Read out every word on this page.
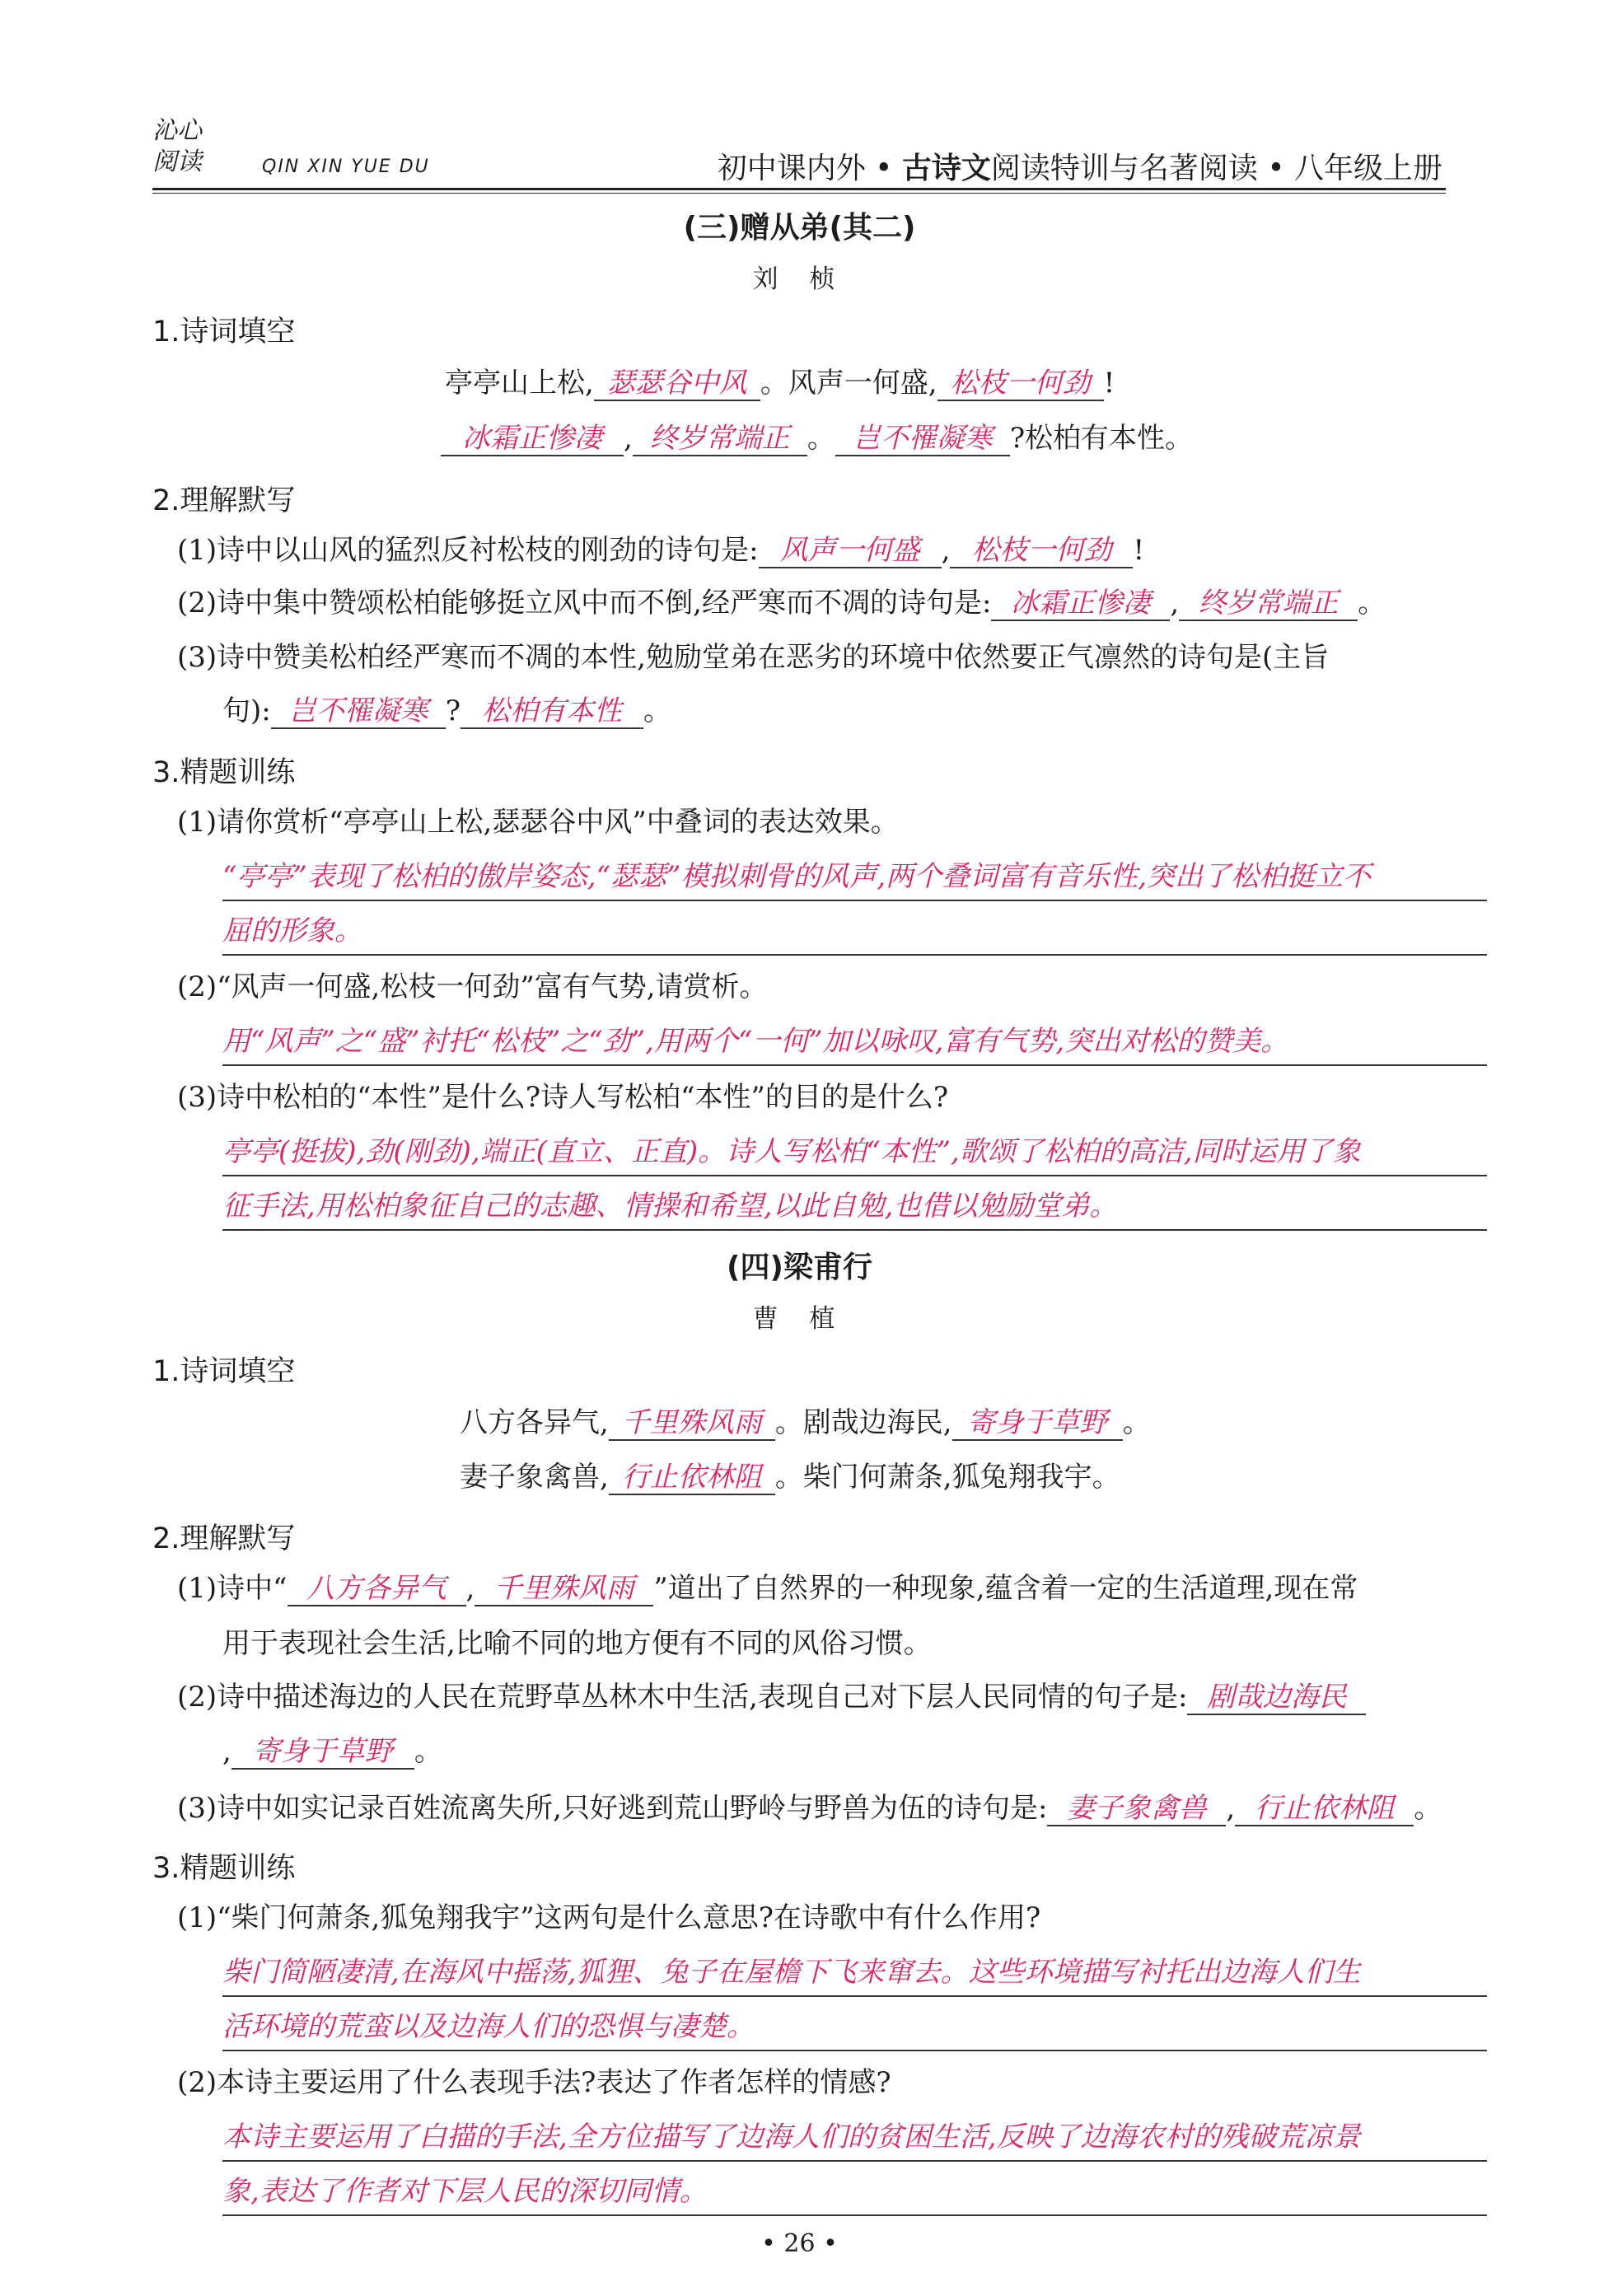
沁心
阅读	QIN XIN YUE DU	初中课内外 • 古诗文阅读特训与名著阅读 • 八年级上册
(三)赠从弟(其二)
刘 桢
1.诗词填空
亭亭山上松, 瑟瑟谷中风 。风声一何盛, 松枝一何劲 !
冰霜正惨凄 , 终岁常端正 。 岂不罹凝寒 ?松柏有本性。
2.理解默写
(1)诗中以山风的猛烈反衬松枝的刚劲的诗句是: 风声一何盛 , 松枝一何劲 !
(2)诗中集中赞颂松柏能够挺立风中而不倒,经严寒而不凋的诗句是: 冰霜正惨凄 , 终岁常端正 。
(3)诗中赞美松柏经严寒而不凋的本性,勉励堂弟在恶劣的环境中依然要正气凛然的诗句是(主旨
句): 岂不罹凝寒 ? 松柏有本性 。
3.精题训练
(1)请你赏析“亭亭山上松,瑟瑟谷中风”中叠词的表达效果。
“亭亭”表现了松柏的傲岸姿态,“瑟瑟”模拟刺骨的风声,两个叠词富有音乐性,突出了松柏挺立不
屈的形象。
(2)“风声一何盛,松枝一何劲”富有气势,请赏析。
用“风声”之“盛”衬托“松枝”之“劲”,用两个“一何”加以咏叹,富有气势,突出对松的赞美。
(3)诗中松柏的“本性”是什么?诗人写松柏“本性”的目的是什么?
亭亭(挺拔),劲(刚劲),端正(直立、正直)。诗人写松柏“本性”,歌颂了松柏的高洁,同时运用了象
征手法,用松柏象征自己的志趣、情操和希望,以此自勉,也借以勉励堂弟。
(四)梁甫行
曹 植
1.诗词填空
八方各异气, 千里殊风雨 。剧哉边海民, 寄身于草野 。
妻子象禽兽, 行止依林阻 。柴门何萧条,狐兔翔我宇。
2.理解默写
(1)诗中“ 八方各异气 , 千里殊风雨 ”道出了自然界的一种现象,蕴含着一定的生活道理,现在常
用于表现社会生活,比喻不同的地方便有不同的风俗习惯。
(2)诗中描述海边的人民在荒野草丛林木中生活,表现自己对下层人民同情的句子是: 剧哉边海民
, 寄身于草野 。
(3)诗中如实记录百姓流离失所,只好逃到荒山野岭与野兽为伍的诗句是: 妻子象禽兽 , 行止依林阻 。
3.精题训练
(1)“柴门何萧条,狐兔翔我宇”这两句是什么意思?在诗歌中有什么作用?
柴门简陋凄清,在海风中摇荡,狐狸、兔子在屋檐下飞来窜去。这些环境描写衬托出边海人们生
活环境的荒蛮以及边海人们的恐惧与凄楚。
(2)本诗主要运用了什么表现手法?表达了作者怎样的情感?
本诗主要运用了白描的手法,全方位描写了边海人们的贫困生活,反映了边海农村的残破荒凉景
象,表达了作者对下层人民的深切同情。
• 26 •
